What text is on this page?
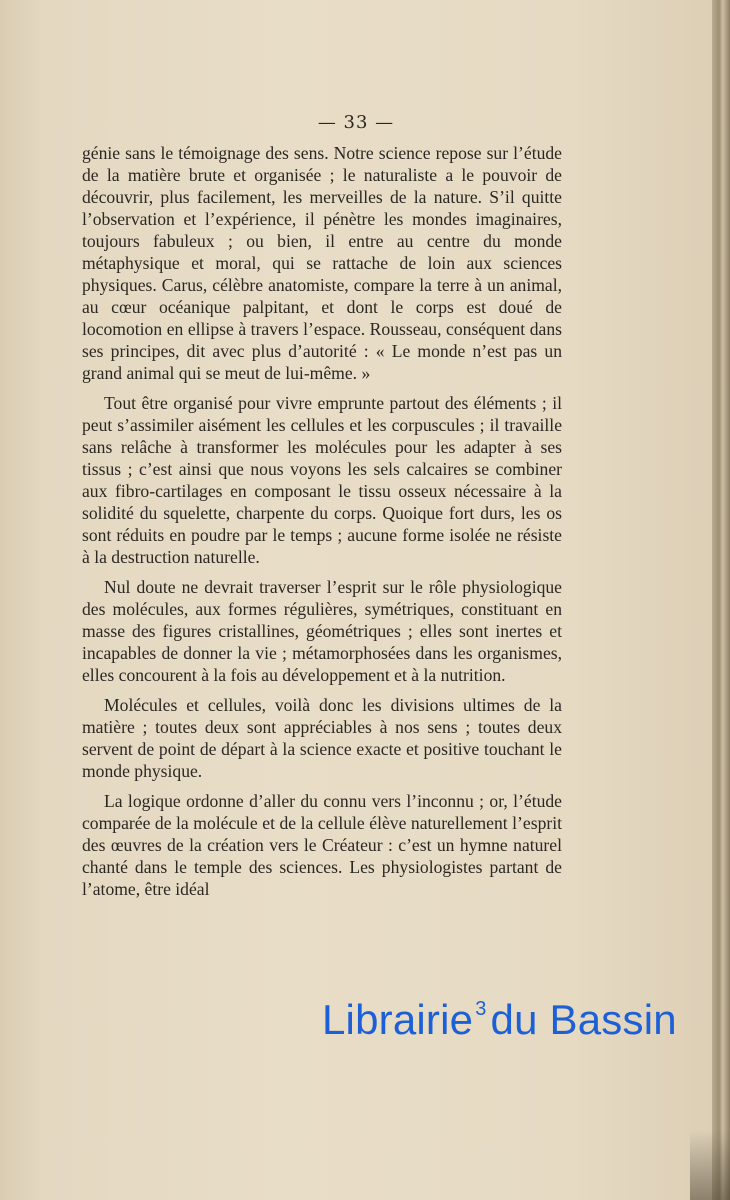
— 33 —

génie sans le témoignage des sens. Notre science repose sur l’étude de la matière brute et organisée ; le naturaliste a le pouvoir de découvrir, plus facilement, les merveilles de la nature. S’il quitte l’observation et l’expérience, il pénètre les mondes imaginaires, toujours fabuleux ; ou bien, il entre au centre du monde métaphysique et moral, qui se rattache de loin aux sciences physiques. Carus, célèbre anatomiste, compare la terre à un animal, au cœur océanique palpitant, et dont le corps est doué de locomotion en ellipse à travers l’espace. Rousseau, conséquent dans ses principes, dit avec plus d’autorité : « Le monde n’est pas un grand animal qui se meut de lui-même. »

Tout être organisé pour vivre emprunte partout des éléments ; il peut s’assimiler aisément les cellules et les corpuscules ; il travaille sans relâche à transformer les molécules pour les adapter à ses tissus ; c’est ainsi que nous voyons les sels calcaires se combiner aux fibro-cartilages en composant le tissu osseux nécessaire à la solidité du squelette, charpente du corps. Quoique fort durs, les os sont réduits en poudre par le temps ; aucune forme isolée ne résiste à la destruction naturelle.

Nul doute ne devrait traverser l’esprit sur le rôle physiologique des molécules, aux formes régulières, symétriques, constituant en masse des figures cristallines, géométriques ; elles sont inertes et incapables de donner la vie ; métamorphosées dans les organismes, elles concourent à la fois au développement et à la nutrition.

Molécules et cellules, voilà donc les divisions ultimes de la matière ; toutes deux sont appréciables à nos sens ; toutes deux servent de point de départ à la science exacte et positive touchant le monde physique.

La logique ordonne d’aller du connu vers l’inconnu ; or, l’étude comparée de la molécule et de la cellule élève naturellement l’esprit des œuvres de la création vers le Créateur : c’est un hymne naturel chanté dans le temple des sciences. Les physiologistes partant de l’atome, être idéal

Librairie $^3$du Bassin
